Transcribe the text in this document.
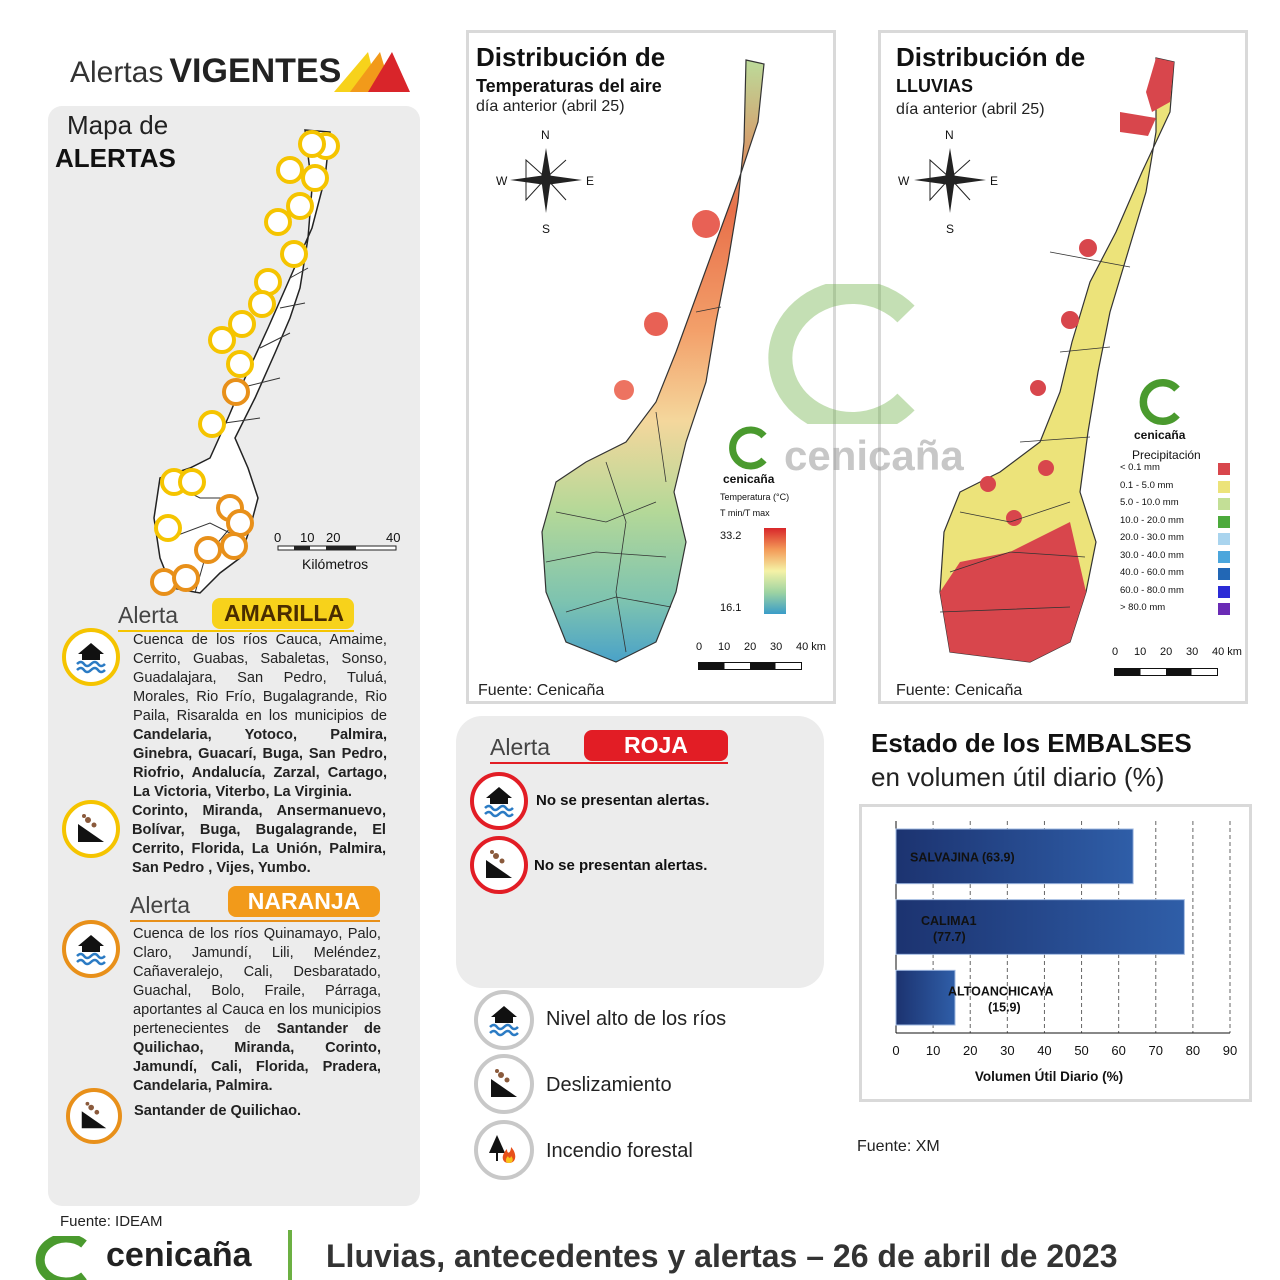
Alertas VIGENTES
Mapa de
ALERTAS
0 10 20	40
Kilómetros
Alerta	AMARILLA
Cuenca de los ríos Cauca, Amaime, Cerrito, Guabas, Sabaletas, Sonso, Guadalajara, San Pedro, Tuluá, Morales, Rio Frío, Bugalagrande, Rio Paila, Risaralda en los municipios de Candelaria, Yotoco, Palmira, Ginebra, Guacarí, Buga, San Pedro, Riofrio, Andalucía, Zarzal, Cartago, La Victoria, Viterbo, La Virginia.
Corinto, Miranda, Ansermanuevo, Bolívar, Buga, Bugalagrande, El Cerrito, Florida, La Unión, Palmira, San Pedro , Vijes, Yumbo.
Alerta	NARANJA
Cuenca de los ríos Quinamayo, Palo, Claro, Jamundí, Lili, Meléndez, Cañaveralejo, Cali, Desbaratado, Guachal, Bolo, Fraile, Párraga, aportantes al Cauca en los municipios pertenecientes de Santander de Quilichao, Miranda, Corinto, Jamundí, Cali, Florida, Pradera, Candelaria, Palmira.
Santander de Quilichao.
Fuente: IDEAM
Distribución de
Temperaturas del aire
día anterior (abril 25)
N
S
W	E
cenicaña
Temperatura (°C)
T min/T max
33.2
16.1
0 10 20 30 40 km
Fuente: Cenicaña
Distribución de
LLUVIAS
día anterior (abril 25)
N
S
W	E
cenicaña
Precipitación
< 0.1 mm
0.1 - 5.0 mm
5.0 - 10.0 mm
10.0 - 20.0 mm
20.0 - 30.0 mm
30.0 - 40.0 mm
40.0 - 60.0 mm
60.0 - 80.0 mm
> 80.0 mm
0 10 20 30 40 km
Fuente: Cenicaña
cenicaña
Alerta	ROJA
No se presentan alertas.
No se presentan alertas.
Nivel alto de los ríos
Deslizamiento
Incendio forestal
Estado de los EMBALSES
en volumen útil diario (%)
0 10 20 30 40 50 60 70 80 90
SALVAJINA (63.9)
CALIMA1
(77.7)
ALTOANCHICAYA
(15.9)
Volumen Útil Diario (%)
Fuente: XM
cenicaña Lluvias, antecedentes y alertas – 26 de abril de 2023
